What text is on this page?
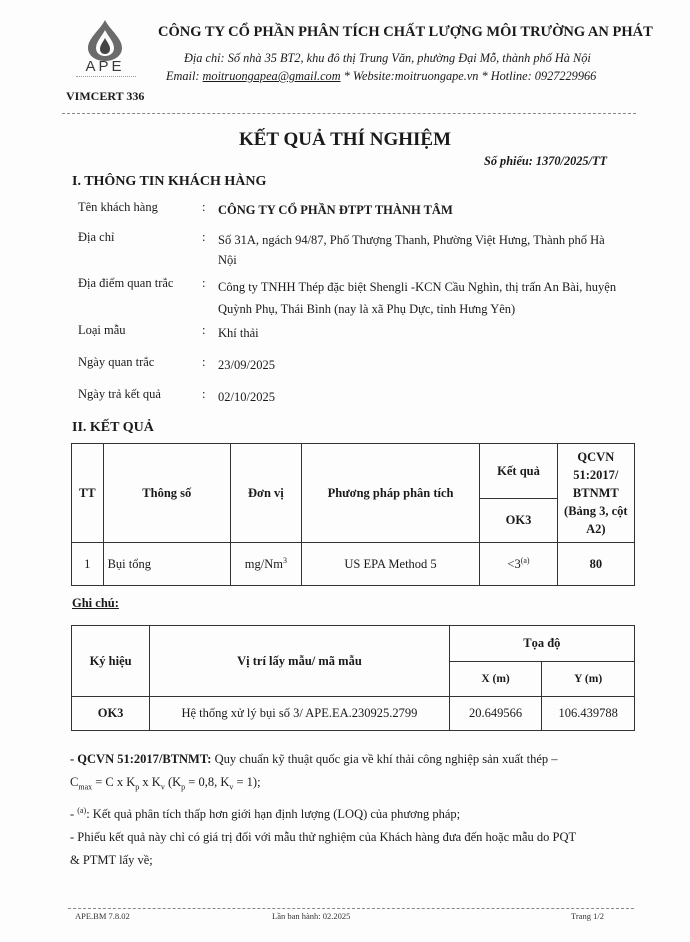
APE
VIMCERT 336
CÔNG TY CỔ PHẦN PHÂN TÍCH CHẤT LƯỢNG MÔI TRƯỜNG AN PHÁT
Địa chỉ: Số nhà 35 BT2, khu đô thị Trung Văn, phường Đại Mỗ, thành phố Hà Nội
Email: moitruongapea@gmail.com * Website:moitruongape.vn * Hotline: 0927229966
KẾT QUẢ THÍ NGHIỆM
Số phiếu: 1370/2025/TT
I. THÔNG TIN KHÁCH HÀNG
Tên khách hàng	: CÔNG TY CỔ PHẦN ĐTPT THÀNH TÂM
Địa chỉ	: Số 31A, ngách 94/87, Phố Thượng Thanh, Phường Việt Hưng, Thành phố Hà Nội
Địa điểm quan trắc	: Công ty TNHH Thép đặc biệt Shengli -KCN Cầu Nghìn, thị trấn An Bài, huyện Quỳnh Phụ, Thái Bình (nay là xã Phụ Dực, tỉnh Hưng Yên)
Loại mẫu	: Khí thải
Ngày quan trắc	: 23/09/2025
Ngày trả kết quả	: 02/10/2025
II. KẾT QUẢ
TT	Thông số	Đơn vị	Phương pháp phân tích	Kết quả	QCVN 51:2017/ BTNMT (Bảng 3, cột A2)
				OK3	
1	Bụi tổng	mg/Nm$^3$	US EPA Method 5	$<3^{(a)}$	80
Ghi chú:
Ký hiệu	Vị trí lấy mẫu/ mã mẫu	Tọa độ	
		X (m)	Y (m)
OK3	Hệ thống xử lý bụi số 3/ APE.EA.230925.2799	20.649566	106.439788
- QCVN 51:2017/BTNMT: Quy chuẩn kỹ thuật quốc gia về khí thải công nghiệp sản xuất thép –
$C_{max} = C$ x $K_p$ x $K_v$ ($K_p = 0,8$, $K_v = 1$);
- $^{(a)}$: Kết quả phân tích thấp hơn giới hạn định lượng (LOQ) của phương pháp;
- Phiếu kết quả này chỉ có giá trị đối với mẫu thử nghiệm của Khách hàng đưa đến hoặc mẫu do PQT
& PTMT lấy về;
APE.BM 7.8.02	Lần ban hành: 02.2025	Trang 1/2
